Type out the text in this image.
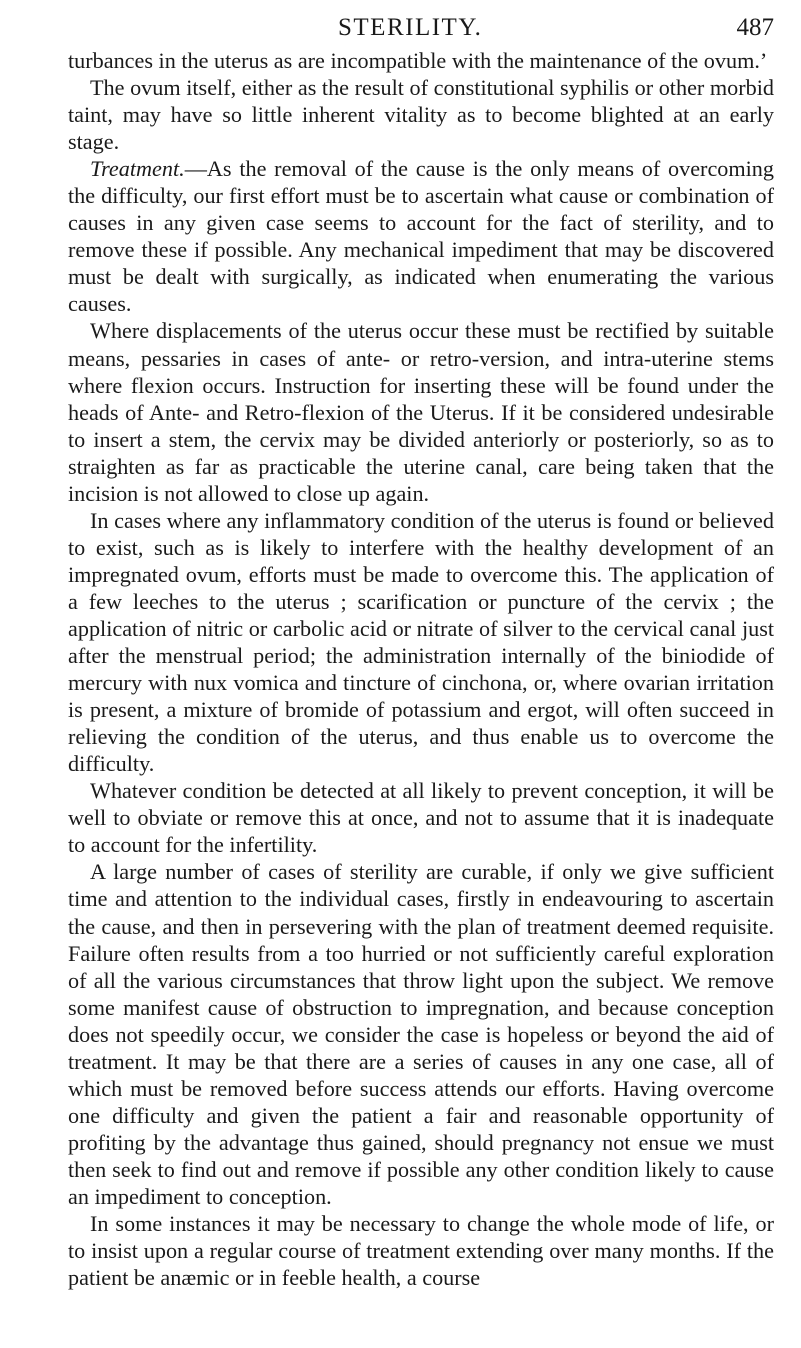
STERILITY.	487

turbances in the uterus as are incompatible with the maintenance of the ovum.’

The ovum itself, either as the result of constitutional syphilis or other morbid taint, may have so little inherent vitality as to become blighted at an early stage.

Treatment.—As the removal of the cause is the only means of overcoming the difficulty, our first effort must be to ascertain what cause or combination of causes in any given case seems to account for the fact of sterility, and to remove these if possible. Any mechanical impediment that may be discovered must be dealt with surgically, as indicated when enumerating the various causes.

Where displacements of the uterus occur these must be rectified by suitable means, pessaries in cases of ante- or retro-version, and intra-uterine stems where flexion occurs. Instruction for inserting these will be found under the heads of Ante- and Retro-flexion of the Uterus. If it be considered undesirable to insert a stem, the cervix may be divided anteriorly or posteriorly, so as to straighten as far as practicable the uterine canal, care being taken that the incision is not allowed to close up again.

In cases where any inflammatory condition of the uterus is found or believed to exist, such as is likely to interfere with the healthy development of an impregnated ovum, efforts must be made to overcome this. The application of a few leeches to the uterus ; scarification or puncture of the cervix ; the application of nitric or carbolic acid or nitrate of silver to the cervical canal just after the menstrual period; the administration internally of the biniodide of mercury with nux vomica and tincture of cinchona, or, where ovarian irritation is present, a mixture of bromide of potassium and ergot, will often succeed in relieving the condition of the uterus, and thus enable us to overcome the difficulty.

Whatever condition be detected at all likely to prevent conception, it will be well to obviate or remove this at once, and not to assume that it is inadequate to account for the infertility.

A large number of cases of sterility are curable, if only we give sufficient time and attention to the individual cases, firstly in endeavouring to ascertain the cause, and then in persevering with the plan of treatment deemed requisite. Failure often results from a too hurried or not sufficiently careful exploration of all the various circumstances that throw light upon the subject. We remove some manifest cause of obstruction to impregnation, and because conception does not speedily occur, we consider the case is hopeless or beyond the aid of treatment. It may be that there are a series of causes in any one case, all of which must be removed before success attends our efforts. Having overcome one difficulty and given the patient a fair and reasonable opportunity of profiting by the advantage thus gained, should pregnancy not ensue we must then seek to find out and remove if possible any other condition likely to cause an impediment to conception.

In some instances it may be necessary to change the whole mode of life, or to insist upon a regular course of treatment extending over many months. If the patient be anæmic or in feeble health, a course
